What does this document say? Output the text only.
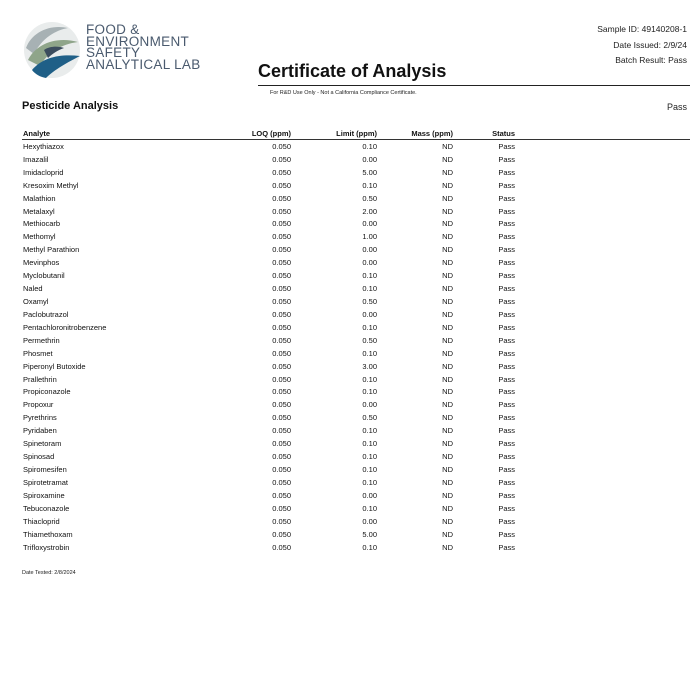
FOOD &
ENVIRONMENT
SAFETY
ANALYTICAL LAB
Sample ID: 49140208-1
Date Issued: 2/9/24
Batch Result: Pass
Certificate of Analysis
For R&D Use Only - Not a California Compliance Certificate.
Pesticide Analysis	Pass
Analyte	LOQ (ppm)	Limit (ppm)	Mass (ppm)	Status	
Hexythiazox	0.050	0.10	ND	Pass	
Imazalil	0.050	0.00	ND	Pass	
Imidacloprid	0.050	5.00	ND	Pass	
Kresoxim Methyl	0.050	0.10	ND	Pass	
Malathion	0.050	0.50	ND	Pass	
Metalaxyl	0.050	2.00	ND	Pass	
Methiocarb	0.050	0.00	ND	Pass	
Methomyl	0.050	1.00	ND	Pass	
Methyl Parathion	0.050	0.00	ND	Pass	
Mevinphos	0.050	0.00	ND	Pass	
Myclobutanil	0.050	0.10	ND	Pass	
Naled	0.050	0.10	ND	Pass	
Oxamyl	0.050	0.50	ND	Pass	
Paclobutrazol	0.050	0.00	ND	Pass	
Pentachloronitrobenzene	0.050	0.10	ND	Pass	
Permethrin	0.050	0.50	ND	Pass	
Phosmet	0.050	0.10	ND	Pass	
Piperonyl Butoxide	0.050	3.00	ND	Pass	
Prallethrin	0.050	0.10	ND	Pass	
Propiconazole	0.050	0.10	ND	Pass	
Propoxur	0.050	0.00	ND	Pass	
Pyrethrins	0.050	0.50	ND	Pass	
Pyridaben	0.050	0.10	ND	Pass	
Spinetoram	0.050	0.10	ND	Pass	
Spinosad	0.050	0.10	ND	Pass	
Spiromesifen	0.050	0.10	ND	Pass	
Spirotetramat	0.050	0.10	ND	Pass	
Spiroxamine	0.050	0.00	ND	Pass	
Tebuconazole	0.050	0.10	ND	Pass	
Thiacloprid	0.050	0.00	ND	Pass	
Thiamethoxam	0.050	5.00	ND	Pass	
Trifloxystrobin	0.050	0.10	ND	Pass	
Date Tested: 2/8/2024
